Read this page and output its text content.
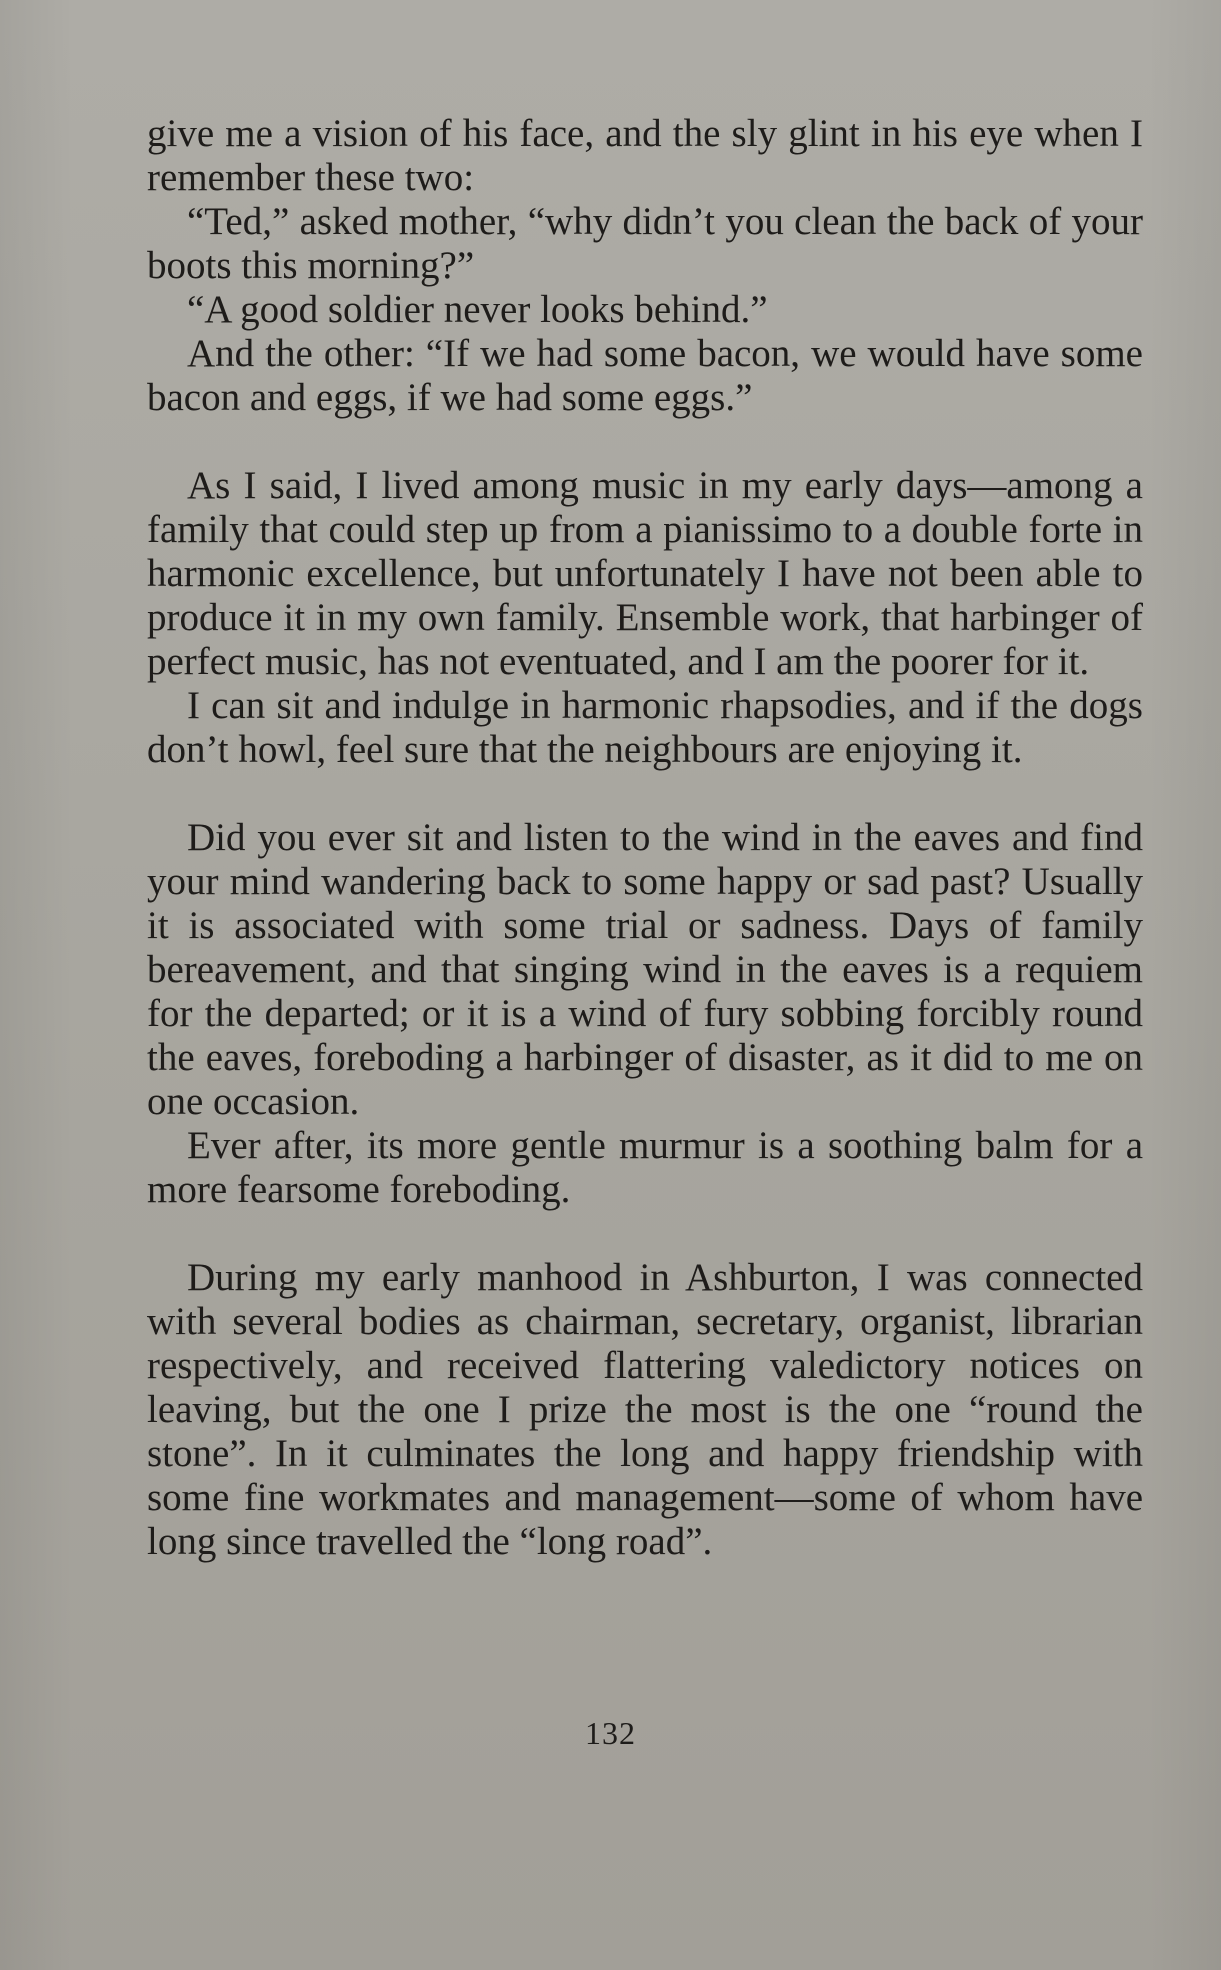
give me a vision of his face, and the sly glint in his eye when I remember these two:

“Ted,” asked mother, “why didn’t you clean the back of your boots this morning?”

“A good soldier never looks behind.”

And the other: “If we had some bacon, we would have some bacon and eggs, if we had some eggs.”

As I said, I lived among music in my early days—among a family that could step up from a pianissimo to a double forte in harmonic excellence, but unfortunately I have not been able to produce it in my own family. Ensemble work, that harbinger of perfect music, has not eventuated, and I am the poorer for it.

I can sit and indulge in harmonic rhapsodies, and if the dogs don’t howl, feel sure that the neighbours are enjoying it.

Did you ever sit and listen to the wind in the eaves and find your mind wandering back to some happy or sad past? Usually it is associated with some trial or sadness. Days of family bereavement, and that singing wind in the eaves is a requiem for the departed; or it is a wind of fury sobbing forcibly round the eaves, foreboding a harbinger of disaster, as it did to me on one occasion.

Ever after, its more gentle murmur is a soothing balm for a more fearsome foreboding.

During my early manhood in Ashburton, I was connected with several bodies as chairman, secretary, organist, librarian respectively, and received flattering valedictory notices on leaving, but the one I prize the most is the one “round the stone”. In it culminates the long and happy friendship with some fine workmates and management—some of whom have long since travelled the “long road”.

132
